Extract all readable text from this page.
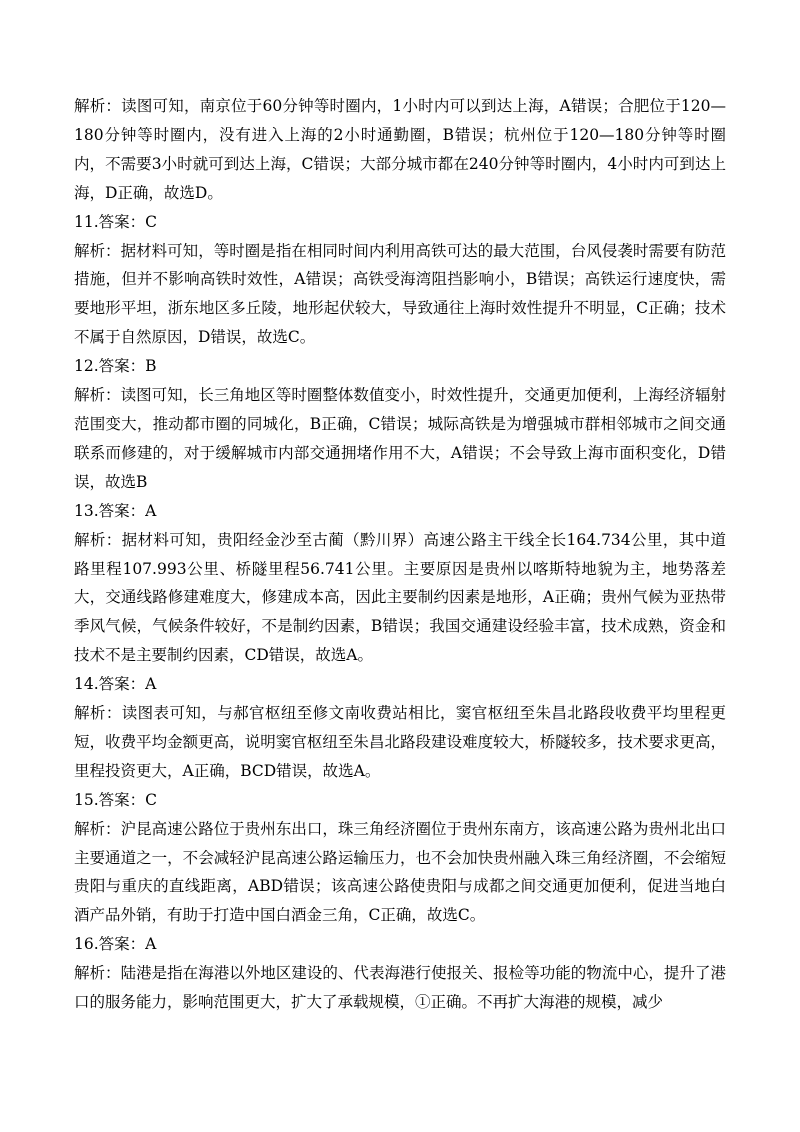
解析：读图可知，南京位于60分钟等时圈内，1小时内可以到达上海，A错误；合肥位于120—180分钟等时圈内，没有进入上海的2小时通勤圈，B错误；杭州位于120—180分钟等时圈内，不需要3小时就可到达上海，C错误；大部分城市都在240分钟等时圈内，4小时内可到达上海，D正确，故选D。

11.答案：C

解析：据材料可知，等时圈是指在相同时间内利用高铁可达的最大范围，台风侵袭时需要有防范措施，但并不影响高铁时效性，A错误；高铁受海湾阻挡影响小，B错误；高铁运行速度快，需要地形平坦，浙东地区多丘陵，地形起伏较大，导致通往上海时效性提升不明显，C正确；技术不属于自然原因，D错误，故选C。

12.答案：B

解析：读图可知，长三角地区等时圈整体数值变小，时效性提升，交通更加便利，上海经济辐射范围变大，推动都市圈的同城化，B正确，C错误；城际高铁是为增强城市群相邻城市之间交通联系而修建的，对于缓解城市内部交通拥堵作用不大，A错误；不会导致上海市面积变化，D错误，故选B

13.答案：A

解析：据材料可知，贵阳经金沙至古蔺（黔川界）高速公路主干线全长164.734公里，其中道路里程107.993公里、桥隧里程56.741公里。主要原因是贵州以喀斯特地貌为主，地势落差大，交通线路修建难度大，修建成本高，因此主要制约因素是地形，A正确；贵州气候为亚热带季风气候，气候条件较好，不是制约因素，B错误；我国交通建设经验丰富，技术成熟，资金和技术不是主要制约因素，CD错误，故选A。

14.答案：A

解析：读图表可知，与郝官枢纽至修文南收费站相比，窦官枢纽至朱昌北路段收费平均里程更短，收费平均金额更高，说明窦官枢纽至朱昌北路段建设难度较大，桥隧较多，技术要求更高，里程投资更大，A正确，BCD错误，故选A。

15.答案：C

解析：沪昆高速公路位于贵州东出口，珠三角经济圈位于贵州东南方，该高速公路为贵州北出口主要通道之一，不会减轻沪昆高速公路运输压力，也不会加快贵州融入珠三角经济圈，不会缩短贵阳与重庆的直线距离，ABD错误；该高速公路使贵阳与成都之间交通更加便利，促进当地白酒产品外销，有助于打造中国白酒金三角，C正确，故选C。

16.答案：A

解析：陆港是指在海港以外地区建设的、代表海港行使报关、报检等功能的物流中心，提升了港口的服务能力，影响范围更大，扩大了承载规模，①正确。不再扩大海港的规模，减少
